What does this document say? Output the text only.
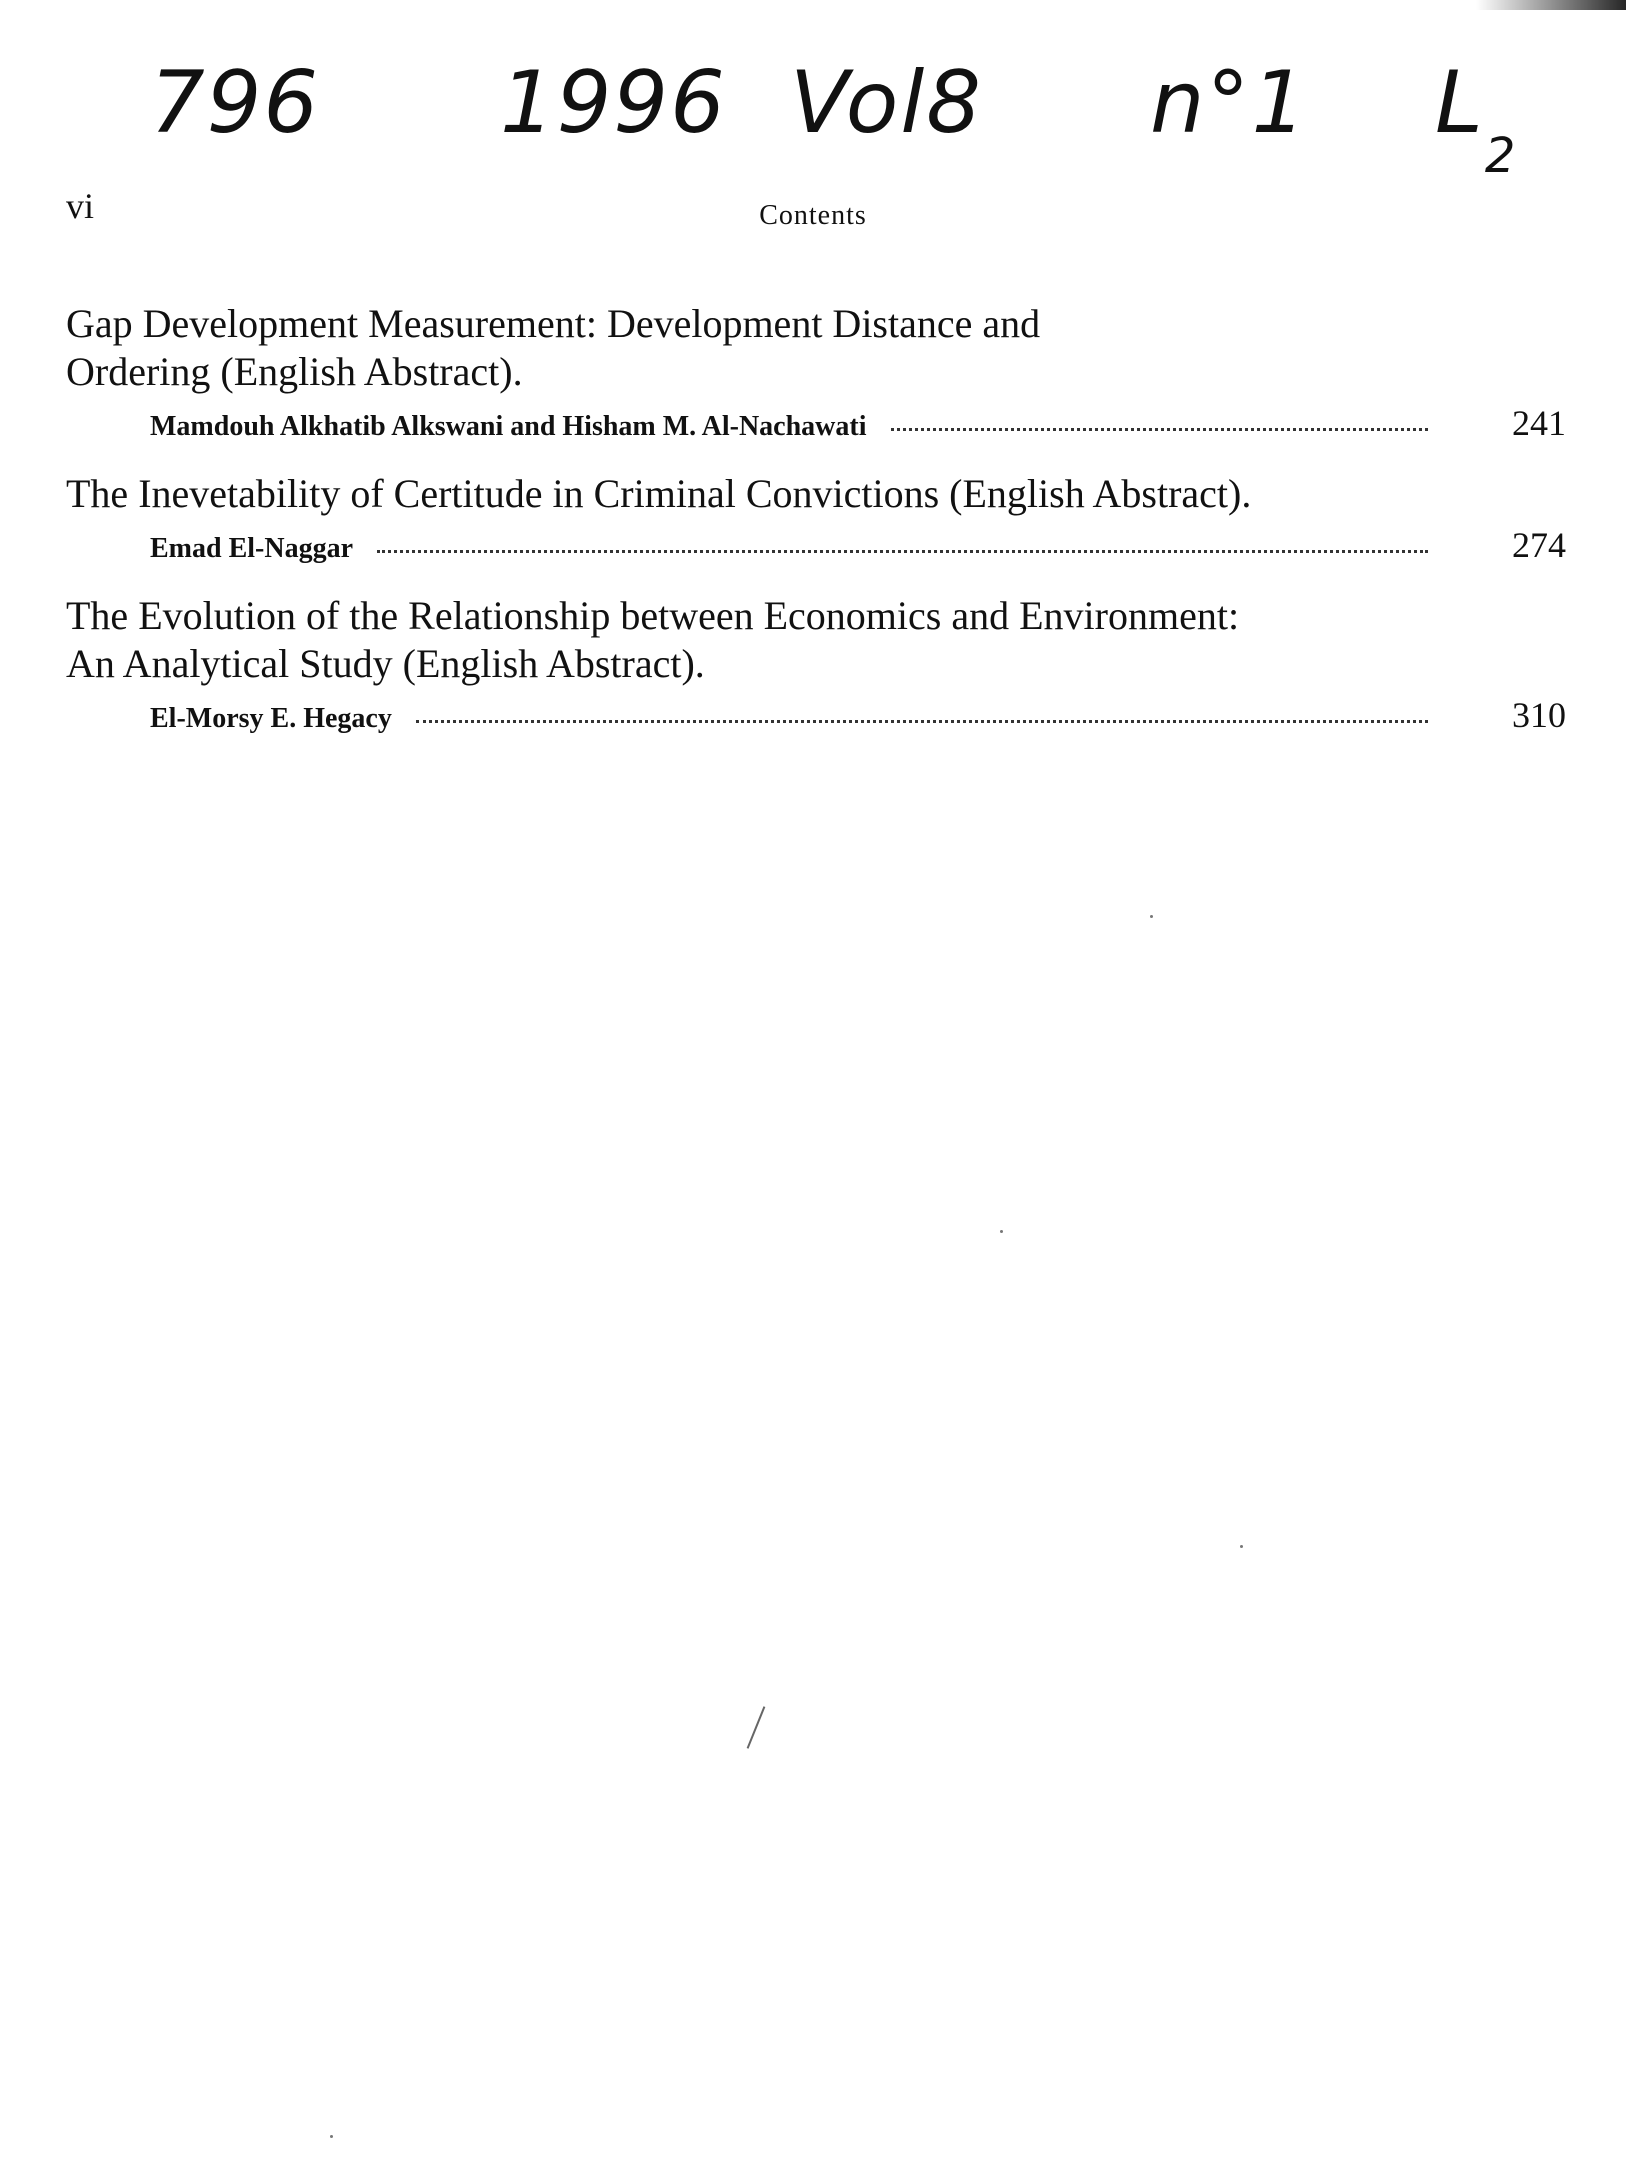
796 1996 Vol8 n°1 $L_2$
vi	Contents
Gap Development Measurement: Development Distance and
Ordering (English Abstract).
Mamdouh Alkhatib Alkswani and Hisham M. Al-Nachawati	241
The Inevetability of Certitude in Criminal Convictions (English Abstract).
Emad El-Naggar	274
The Evolution of the Relationship between Economics and Environment:
An Analytical Study (English Abstract).
El-Morsy E. Hegacy	310
